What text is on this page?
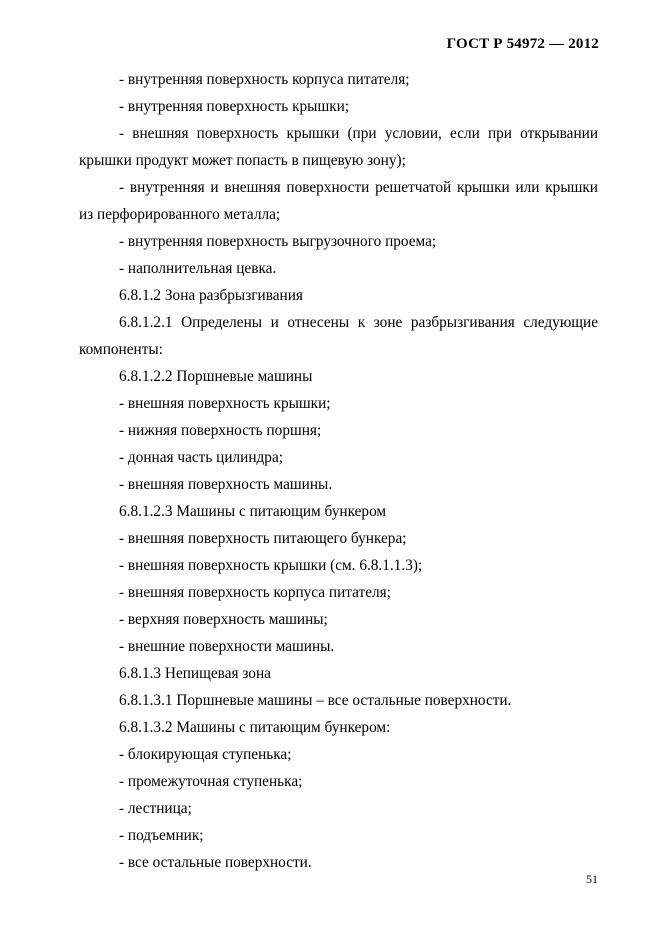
ГОСТ Р 54972 — 2012

- внутренняя поверхность корпуса питателя;

- внутренняя поверхность крышки;

- внешняя поверхность крышки (при условии, если при открывании

крышки продукт может попасть в пищевую зону);

- внутренняя и внешняя поверхности решетчатой крышки или крышки

из перфорированного металла;

- внутренняя поверхность выгрузочного проема;

- наполнительная цевка.

6.8.1.2 Зона разбрызгивания

6.8.1.2.1 Определены и отнесены к зоне разбрызгивания следующие

компоненты:

6.8.1.2.2 Поршневые машины

- внешняя поверхность крышки;

- нижняя поверхность поршня;

- донная часть цилиндра;

- внешняя поверхность машины.

6.8.1.2.3 Машины с питающим бункером

- внешняя поверхность питающего бункера;

- внешняя поверхность крышки (см. 6.8.1.1.3);

- внешняя поверхность корпуса питателя;

- верхняя поверхность машины;

- внешние поверхности машины.

6.8.1.3 Непищевая зона

6.8.1.3.1 Поршневые машины – все остальные поверхности.

6.8.1.3.2 Машины с питающим бункером:

- блокирующая ступенька;

- промежуточная ступенька;

- лестница;

- подъемник;

- все остальные поверхности.

51
